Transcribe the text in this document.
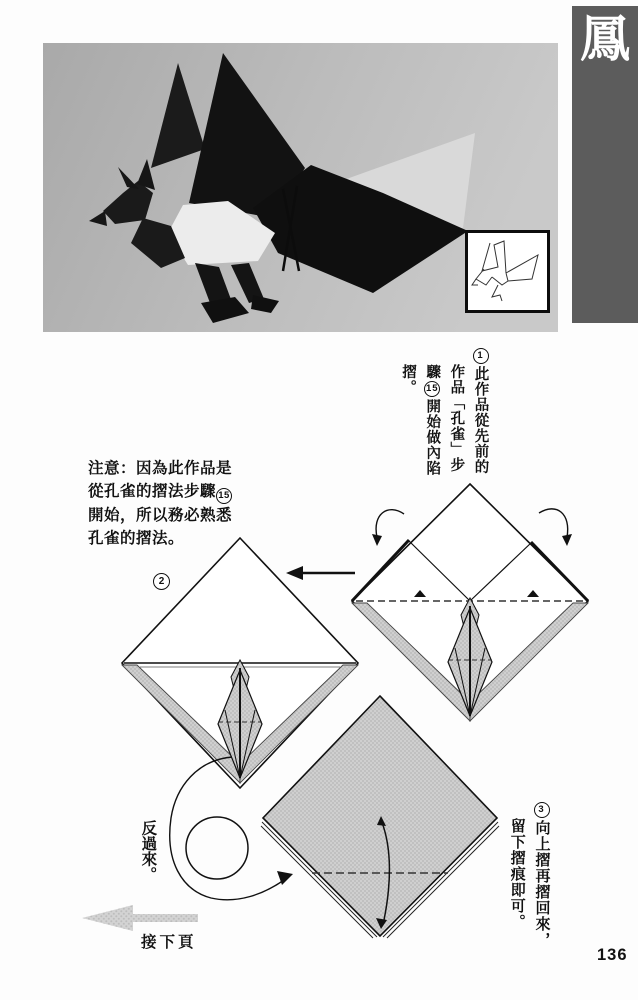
鳳
1此作品從先前的
作品「孔雀」步
驟15開始做內陷
摺。
注意：因為此作品是
從孔雀的摺法步驟 15
開始，所以務必熟悉
孔雀的摺法。
2
反過來。
3向上摺再摺回來，
留下摺痕即可。
接下頁
136
